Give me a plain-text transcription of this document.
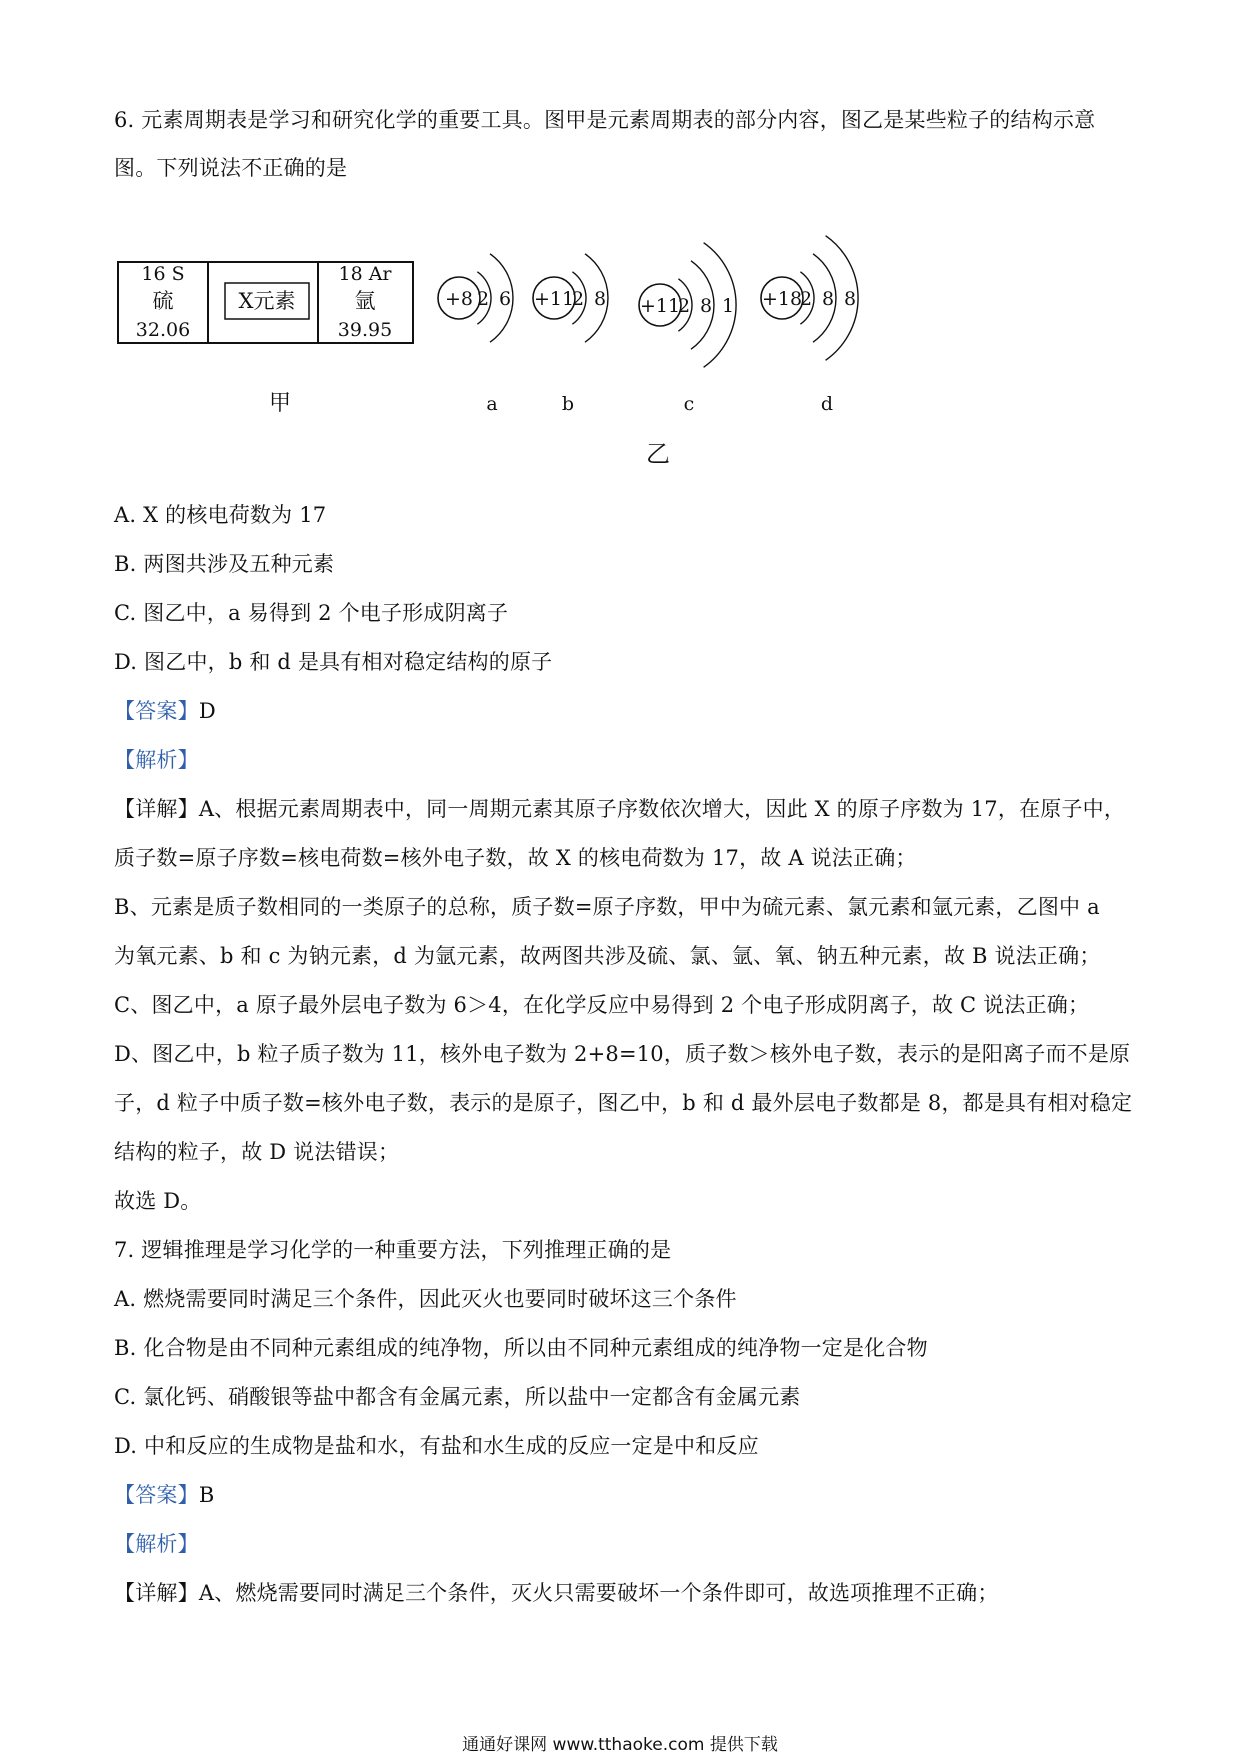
6. 元素周期表是学习和研究化学的重要工具。图甲是元素周期表的部分内容，图乙是某些粒子的结构示意
图。下列说法不正确的是
16 S
硫
32.06
X元素
18 Ar
氩
39.95
甲
+8 2 6
a
+11
2 8
b
+11
2 8 1
c
+18
2 8 8
d
乙
A. X 的核电荷数为 17
B. 两图共涉及五种元素
C. 图乙中，a 易得到 2 个电子形成阴离子
D. 图乙中，b 和 d 是具有相对稳定结构的原子
【答案】D
【解析】
【详解】A、根据元素周期表中，同一周期元素其原子序数依次增大，因此 X 的原子序数为 17，在原子中，
质子数=原子序数=核电荷数=核外电子数，故 X 的核电荷数为 17，故 A 说法正确；
B、元素是质子数相同的一类原子的总称，质子数=原子序数，甲中为硫元素、氯元素和氩元素，乙图中 a
为氧元素、b 和 c 为钠元素，d 为氩元素，故两图共涉及硫、氯、氩、氧、钠五种元素，故 B 说法正确；
C、图乙中，a 原子最外层电子数为 6＞4，在化学反应中易得到 2 个电子形成阴离子，故 C 说法正确；
D、图乙中，b 粒子质子数为 11，核外电子数为 2+8=10，质子数＞核外电子数，表示的是阳离子而不是原
子，d 粒子中质子数=核外电子数，表示的是原子，图乙中，b 和 d 最外层电子数都是 8，都是具有相对稳定
结构的粒子，故 D 说法错误；
故选 D。
7. 逻辑推理是学习化学的一种重要方法，下列推理正确的是
A. 燃烧需要同时满足三个条件，因此灭火也要同时破坏这三个条件
B. 化合物是由不同种元素组成的纯净物，所以由不同种元素组成的纯净物一定是化合物
C. 氯化钙、硝酸银等盐中都含有金属元素，所以盐中一定都含有金属元素
D. 中和反应的生成物是盐和水，有盐和水生成的反应一定是中和反应
【答案】B
【解析】
【详解】A、燃烧需要同时满足三个条件，灭火只需要破坏一个条件即可，故选项推理不正确；
通通好课网 www.tthaoke.com 提供下载
